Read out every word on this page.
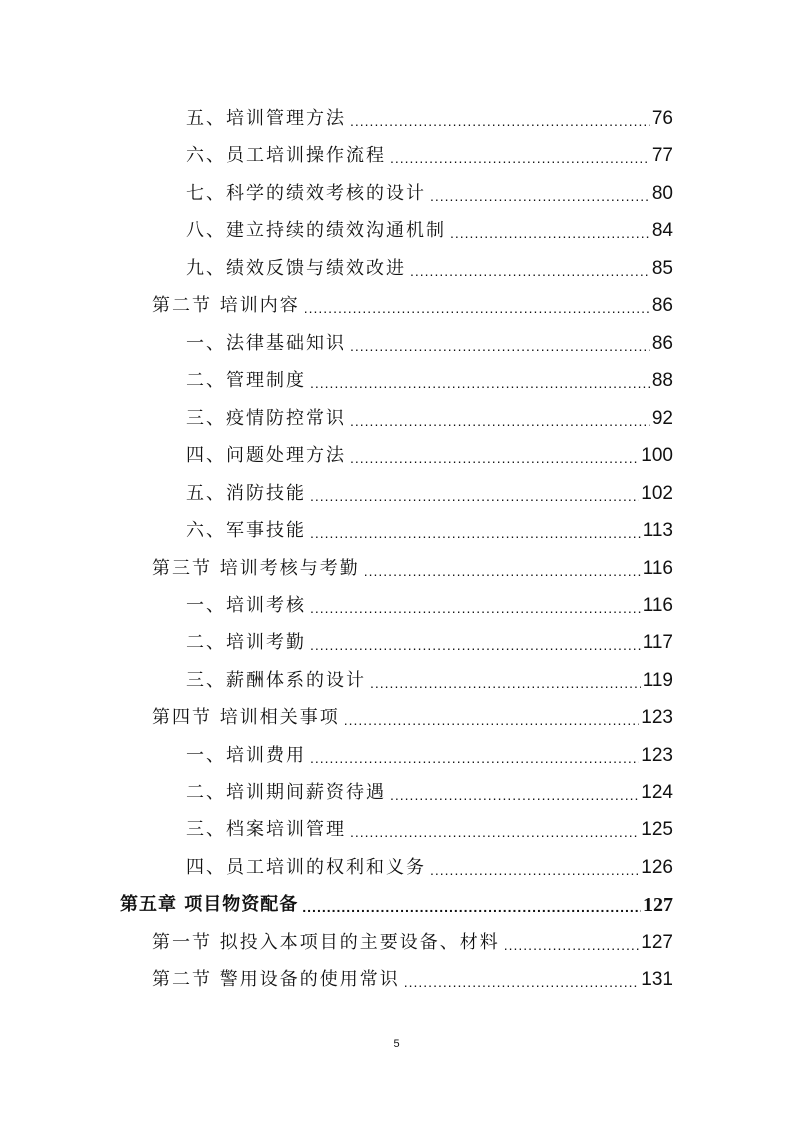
五、培训管理方法 .....	76
六、员工培训操作流程 .....	77
七、科学的绩效考核的设计 .....	80
八、建立持续的绩效沟通机制 .....	84
九、绩效反馈与绩效改进 .....	85
第二节 培训内容 .....	86
一、法律基础知识 .....	86
二、管理制度 .....	88
三、疫情防控常识 .....	92
四、问题处理方法 .....	100
五、消防技能 .....	102
六、军事技能 .....	113
第三节 培训考核与考勤 .....	116
一、培训考核 .....	116
二、培训考勤 .....	117
三、薪酬体系的设计 .....	119
第四节 培训相关事项 .....	123
一、培训费用 .....	123
二、培训期间薪资待遇 .....	124
三、档案培训管理 .....	125
四、员工培训的权利和义务 .....	126
第五章 项目物资配备 .....	127
第一节 拟投入本项目的主要设备、材料 .....	127
第二节 警用设备的使用常识 .....	131
5
